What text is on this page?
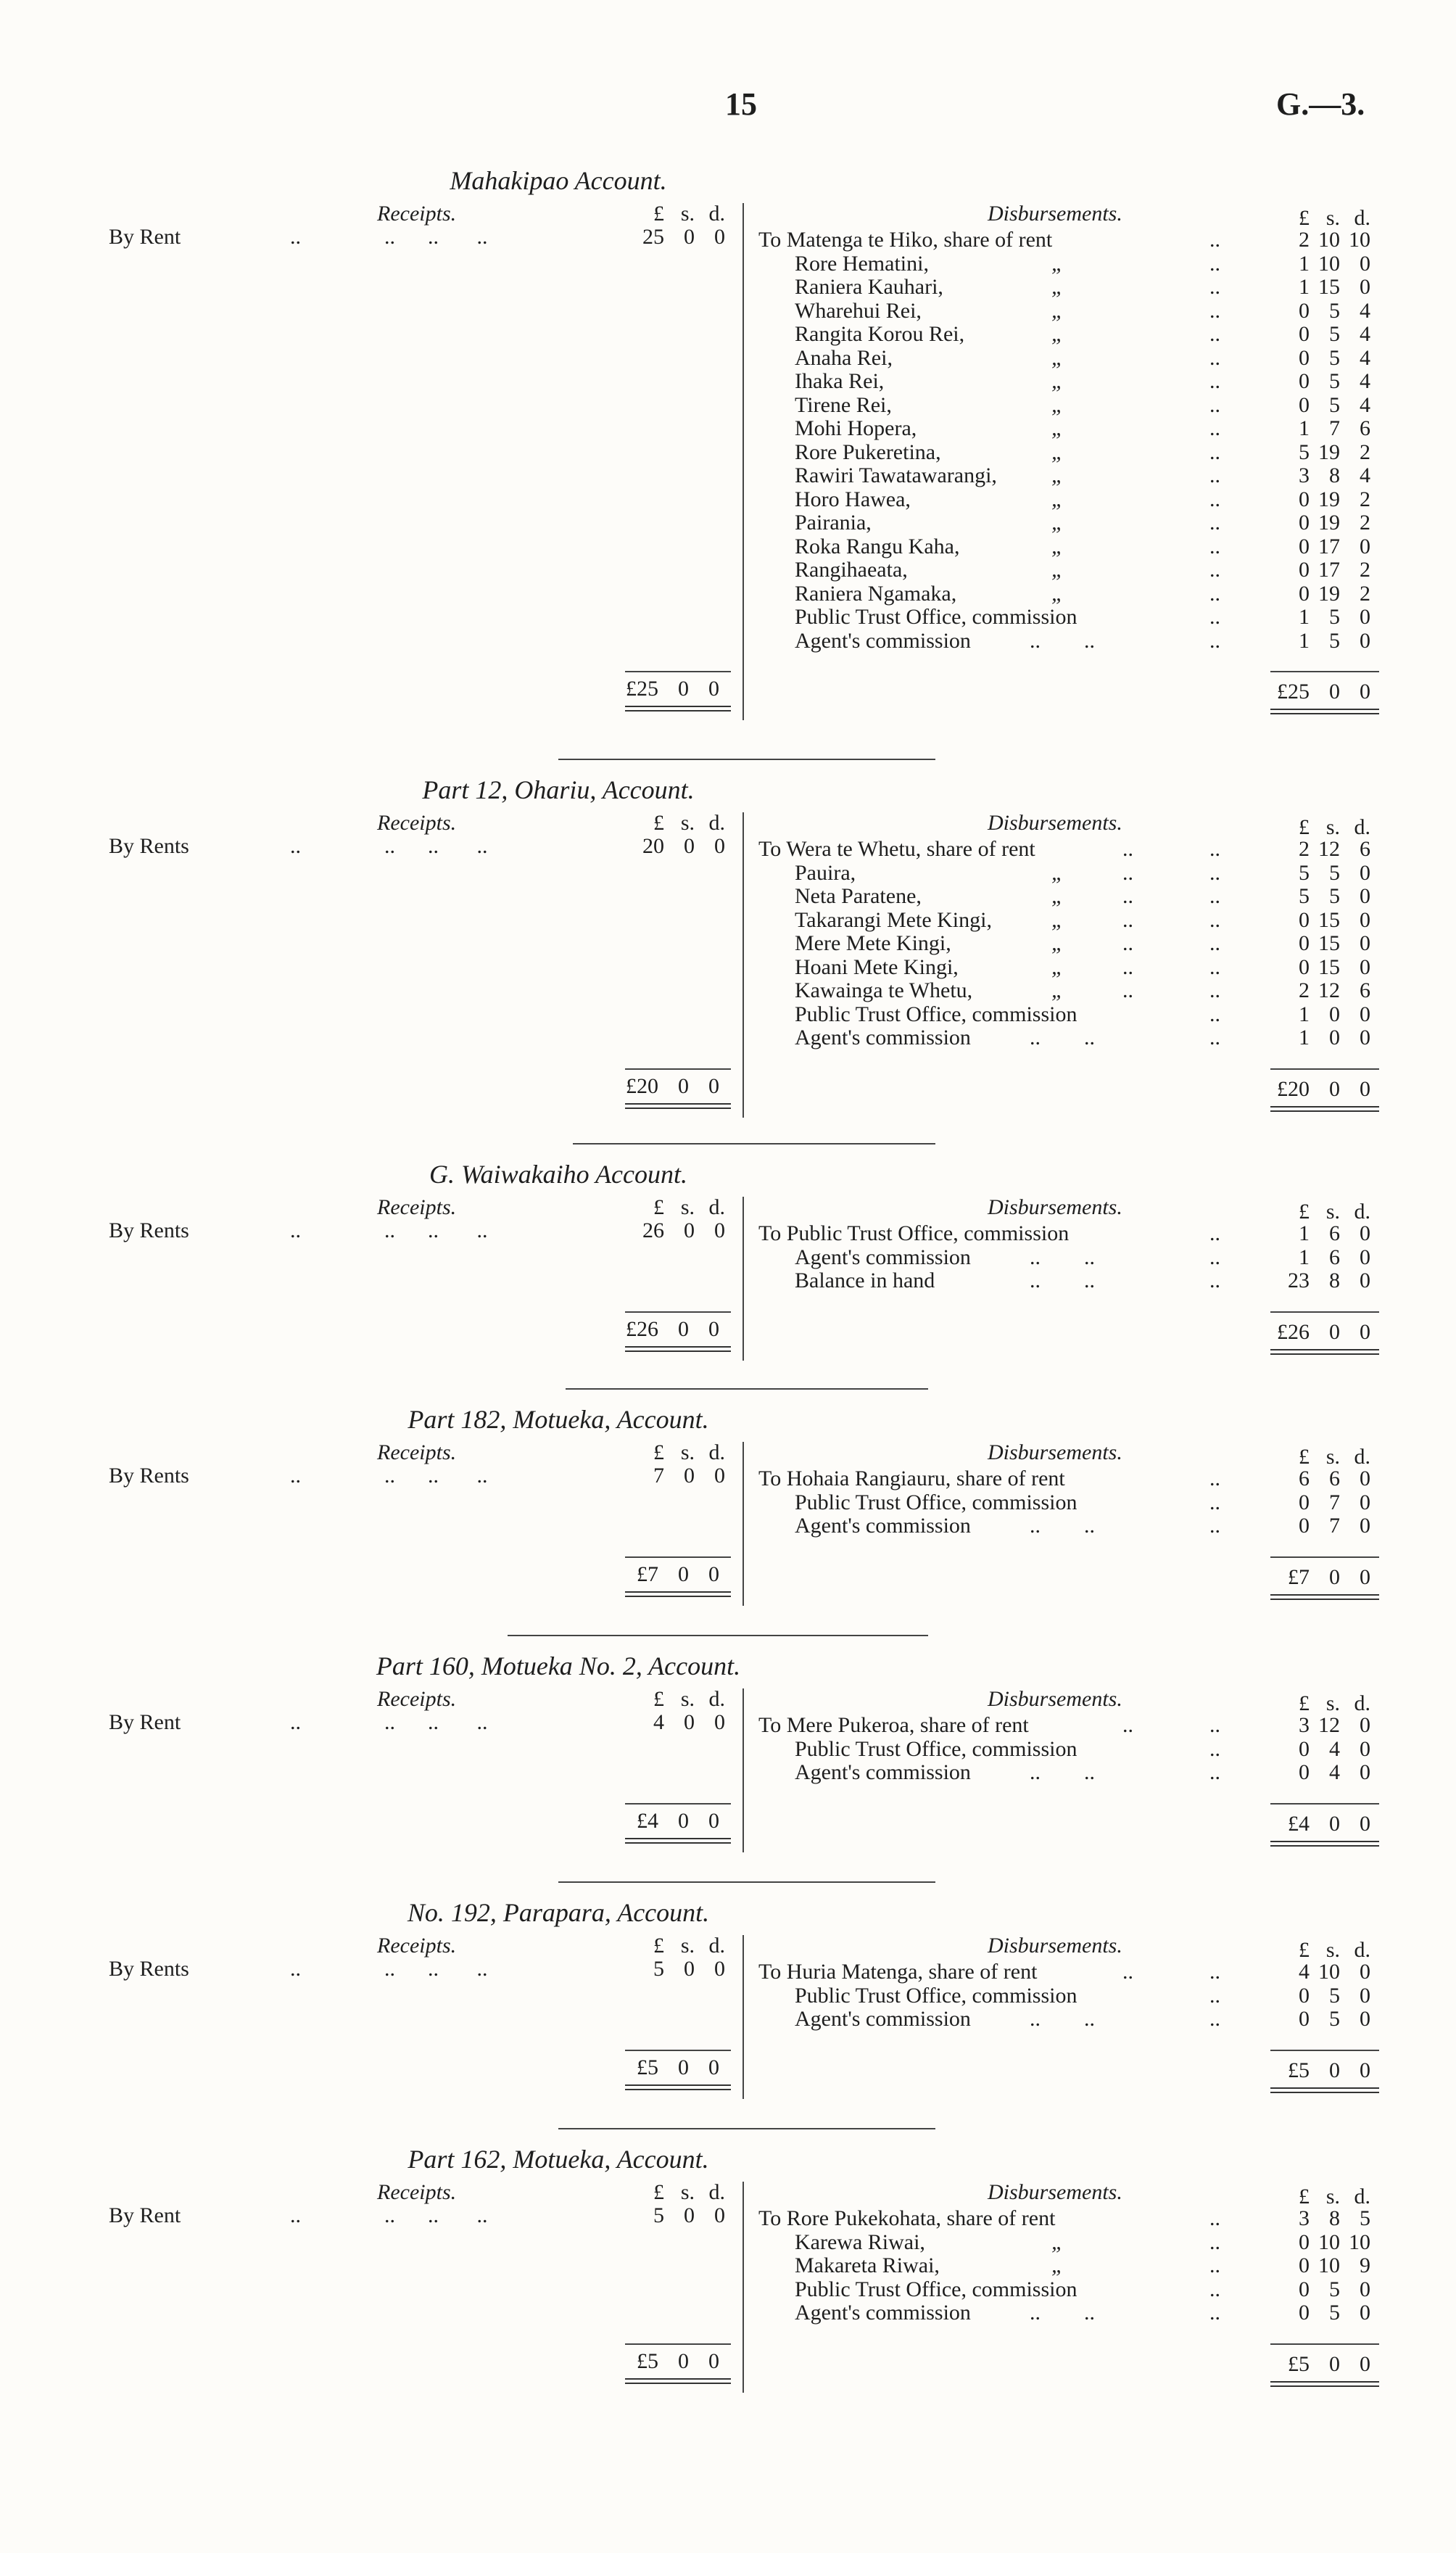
15	G.—3.
Mahakipao Account.
Receipts.	Disbursements.
£ s. d.	£ s. d.
By Rent	..	..      ..       ..	25 0 0 To Matenga te Hiko, share of rent	..	2 10 10
Rore Hematini,	„	..	1 10 0
Raniera Kauhari,	„	..	1 15 0
Wharehui Rei,	„	..	0 5 4
Rangita Korou Rei,	„	..	0 5 4
Anaha Rei,	„	..	0 5 4
Ihaka Rei,	„	..	0 5 4
Tirene Rei,	„	..	0 5 4
Mohi Hopera,	„	..	1 7 6
Rore Pukeretina,	„	..	5 19 2
Rawiri Tawatawarangi,	„	..	3 8 4
Horo Hawea,	„	..	0 19 2
Pairania,	„	..	0 19 2
Roka Rangu Kaha,	„	..	0 17 0
Rangihaeata,	„	..	0 17 2
Raniera Ngamaka,	„	..	0 19 2
Public Trust Office, commission	..	1 5 0
Agent's commission	..        ..	..	1 5 0
£25 0 0	£25 0 0
Part 12, Ohariu, Account.
Receipts.	Disbursements.
£ s. d.	£ s. d.
By Rents	..	..      ..       ..	20 0 0 To Wera te Whetu, share of rent	..	..	2 12 6
Pauira,	„	..	..	5 5 0
Neta Paratene,	„	..	..	5 5 0
Takarangi Mete Kingi,	„	..	..	0 15 0
Mere Mete Kingi,	„	..	..	0 15 0
Hoani Mete Kingi,	„	..	..	0 15 0
Kawainga te Whetu,	„	..	..	2 12 6
Public Trust Office, commission	..	1 0 0
Agent's commission	..        ..	..	1 0 0
£20 0 0	£20 0 0
G. Waiwakaiho Account.
Receipts.	Disbursements.
£ s. d.	£ s. d.
By Rents	..	..      ..       ..	26 0 0 To Public Trust Office, commission	..	1 6 0
Agent's commission	..        ..	..	1 6 0
Balance in hand	..        ..	..	23 8 0
£26 0 0	£26 0 0
Part 182, Motueka, Account.
Receipts.	Disbursements.
£ s. d.	£ s. d.
By Rents	..	..      ..       ..	7 0 0 To Hohaia Rangiauru, share of rent	..	6 6 0
Public Trust Office, commission	..	0 7 0
Agent's commission	..        ..	..	0 7 0
£7 0 0	£7 0 0
Part 160, Motueka No. 2, Account.
Receipts.	Disbursements.
£ s. d.	£ s. d.
By Rent	..	..      ..       ..	4 0 0 To Mere Pukeroa, share of rent	..	..	3 12 0
Public Trust Office, commission	..	0 4 0
Agent's commission	..        ..	..	0 4 0
£4 0 0	£4 0 0
No. 192, Parapara, Account.
Receipts.	Disbursements.
£ s. d.	£ s. d.
By Rents	..	..      ..       ..	5 0 0 To Huria Matenga, share of rent	..	..	4 10 0
Public Trust Office, commission	..	0 5 0
Agent's commission	..        ..	..	0 5 0
£5 0 0	£5 0 0
Part 162, Motueka, Account.
Receipts.	Disbursements.
£ s. d.	£ s. d.
By Rent	..	..      ..       ..	5 0 0 To Rore Pukekohata, share of rent	..	3 8 5
Karewa Riwai,	„	..	0 10 10
Makareta Riwai,	„	..	0 10 9
Public Trust Office, commission	..	0 5 0
Agent's commission	..        ..	..	0 5 0
£5 0 0	£5 0 0
